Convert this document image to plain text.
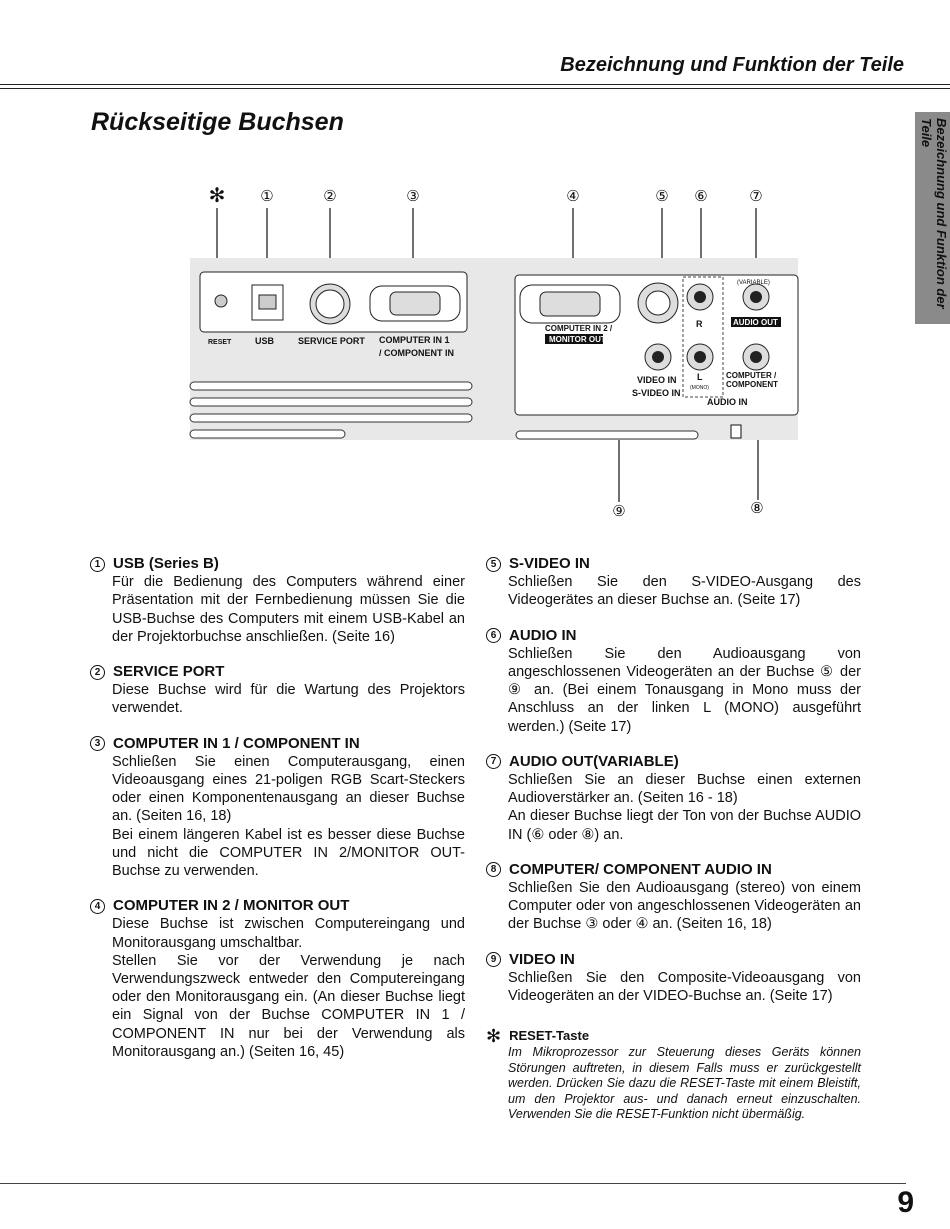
Bezeichnung und Funktion der Teile
Rückseitige Buchsen	Bezeichnung und Funktion der Teile
✻ ①	②	③	④	⑤ ⑥	⑦
⑨	⑧
RESET	USB	SERVICE PORT COMPUTER IN 1
/ COMPONENT IN
COMPUTER IN 2 /
MONITOR OUT
VIDEO IN
S-VIDEO IN
R
L
(MONO)
(VARIABLE)
AUDIO OUT
COMPUTER /
COMPONENT
AUDIO IN
1 USB (Series B)
Für die Bedienung des Computers während einer Präsentation mit der Fernbedienung müssen Sie die USB-Buchse des Computers mit einem USB-Kabel an der Projektorbuchse anschließen. (Seite 16)
2 SERVICE PORT
Diese Buchse wird für die Wartung des Projektors verwendet.
3 COMPUTER IN 1 / COMPONENT IN
Schließen Sie einen Computerausgang, einen Videoausgang eines 21-poligen RGB Scart-Steckers oder einen Komponentenausgang an dieser Buchse an. (Seiten 16, 18)
Bei einem längeren Kabel ist es besser diese Buchse und nicht die COMPUTER IN 2/MONITOR OUT-Buchse zu verwenden.
4 COMPUTER IN 2 / MONITOR OUT
Diese Buchse ist zwischen Computereingang und Monitorausgang umschaltbar.
Stellen Sie vor der Verwendung je nach Verwendungszweck entweder den Computereingang oder den Monitorausgang ein. (An dieser Buchse liegt ein Signal von der Buchse COMPUTER IN 1 / COMPONENT IN nur bei der Verwendung als Monitorausgang an.) (Seiten 16, 45)
5 S-VIDEO IN
Schließen Sie den S-VIDEO-Ausgang des Videogerätes an dieser Buchse an. (Seite 17)
6 AUDIO IN
Schließen Sie den Audioausgang von angeschlossenen Videogeräten an der Buchse ⑤ der ⑨ an. (Bei einem Tonausgang in Mono muss der Anschluss an der linken L (MONO) ausgeführt werden.) (Seite 17)
7 AUDIO OUT(VARIABLE)
Schließen Sie an dieser Buchse einen externen Audioverstärker an. (Seiten 16 - 18)
An dieser Buchse liegt der Ton von der Buchse AUDIO IN (⑥ oder ⑧) an.
8 COMPUTER/ COMPONENT AUDIO IN
Schließen Sie den Audioausgang (stereo) von einem Computer oder von angeschlossenen Videogeräten an der Buchse ③ oder ④ an. (Seiten 16, 18)
9 VIDEO IN
Schließen Sie den Composite-Videoausgang von Videogeräten an der VIDEO-Buchse an. (Seite 17)
✻ RESET-Taste
Im Mikroprozessor zur Steuerung dieses Geräts können Störungen auftreten, in diesem Falls muss er zurückgestellt werden. Drücken Sie dazu die RESET-Taste mit einem Bleistift, um den Projektor aus- und danach erneut einzuschalten. Verwenden Sie die RESET-Funktion nicht übermäßig.
9
